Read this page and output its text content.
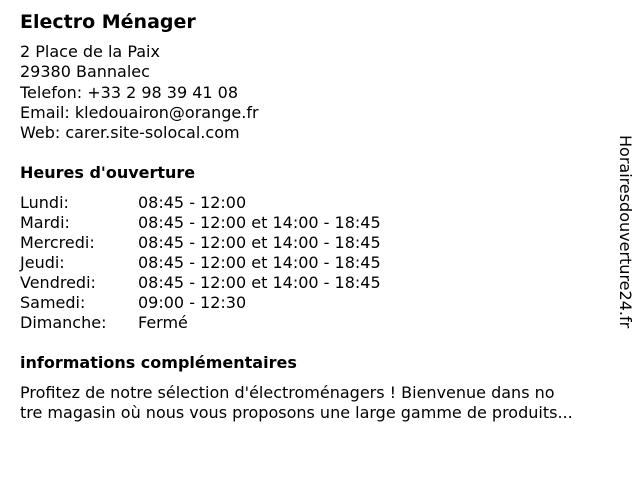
Electro Ménager
2 Place de la Paix
29380 Bannalec
Telefon: +33 2 98 39 41 08
Email: kledouairon@orange.fr
Web: carer.site-solocal.com
Heures d'ouverture
Lundi:	08:45 - 12:00
Mardi:	08:45 - 12:00 et 14:00 - 18:45
Mercredi:	08:45 - 12:00 et 14:00 - 18:45
Jeudi:	08:45 - 12:00 et 14:00 - 18:45
Vendredi:	08:45 - 12:00 et 14:00 - 18:45
Samedi:	09:00 - 12:30
Dimanche: Fermé
informations complémentaires
Profitez de notre sélection d'électroménagers ! Bienvenue dans no
tre magasin où nous vous proposons une large gamme de produits...
Horairesdouverture24.fr
